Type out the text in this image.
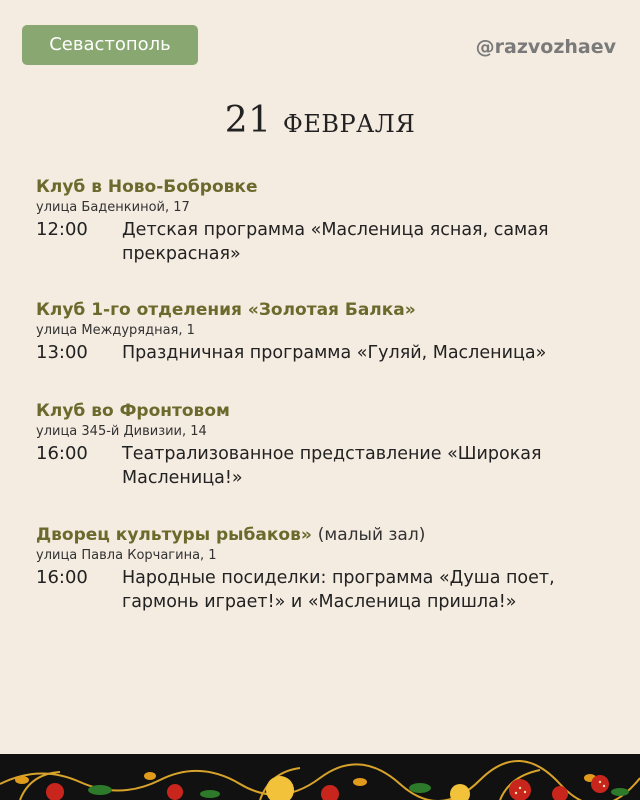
Севастополь	@razvozhaev
21 февраля
Клуб в Ново-Бобровке
улица Баденкиной, 17
12:00	Детская программа «Масленица ясная, самая прекрасная»
Клуб 1-го отделения «Золотая Балка»
улица Междурядная, 1
13:00	Праздничная программа «Гуляй, Масленица»
Клуб во Фронтовом
улица 345-й Дивизии, 14
16:00	Театрализованное представление «Широкая Масленица!»
Дворец культуры рыбаков» (малый зал)
улица Павла Корчагина, 1
16:00	Народные посиделки: программа «Душа поет, гармонь играет!» и «Масленица пришла!»
